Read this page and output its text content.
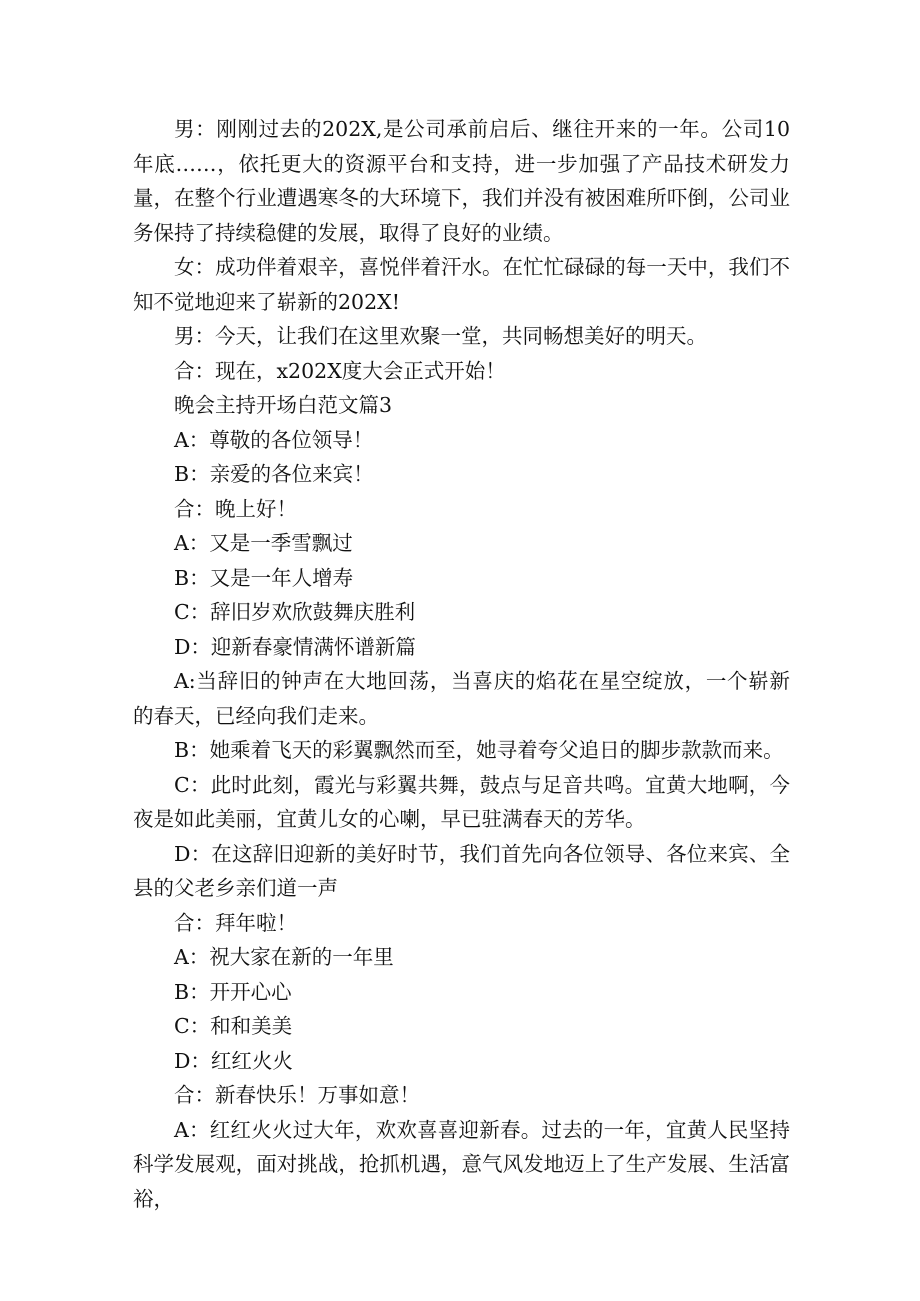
男：刚刚过去的202X,是公司承前启后、继往开来的一年。公司10年底……，依托更大的资源平台和支持，进一步加强了产品技术研发力量，在整个行业遭遇寒冬的大环境下，我们并没有被困难所吓倒，公司业务保持了持续稳健的发展，取得了良好的业绩。

女：成功伴着艰辛，喜悦伴着汗水。在忙忙碌碌的每一天中，我们不知不觉地迎来了崭新的202X!

男：今天，让我们在这里欢聚一堂，共同畅想美好的明天。

合：现在，x202X度大会正式开始！

晚会主持开场白范文篇3

A：尊敬的各位领导！

B：亲爱的各位来宾！

合：晚上好！

A：又是一季雪飘过

B：又是一年人增寿

C：辞旧岁欢欣鼓舞庆胜利

D：迎新春豪情满怀谱新篇

A:当辞旧的钟声在大地回荡，当喜庆的焰花在星空绽放，一个崭新的春天，已经向我们走来。

B：她乘着飞天的彩翼飘然而至，她寻着夸父追日的脚步款款而来。

C：此时此刻，霞光与彩翼共舞，鼓点与足音共鸣。宜黄大地啊，今夜是如此美丽，宜黄儿女的心喇，早已驻满春天的芳华。

D：在这辞旧迎新的美好时节，我们首先向各位领导、各位来宾、全县的父老乡亲们道一声

合：拜年啦！

A：祝大家在新的一年里

B：开开心心

C：和和美美

D：红红火火

合：新春快乐！万事如意！

A：红红火火过大年，欢欢喜喜迎新春。过去的一年，宜黄人民坚持科学发展观，面对挑战，抢抓机遇，意气风发地迈上了生产发展、生活富裕，
